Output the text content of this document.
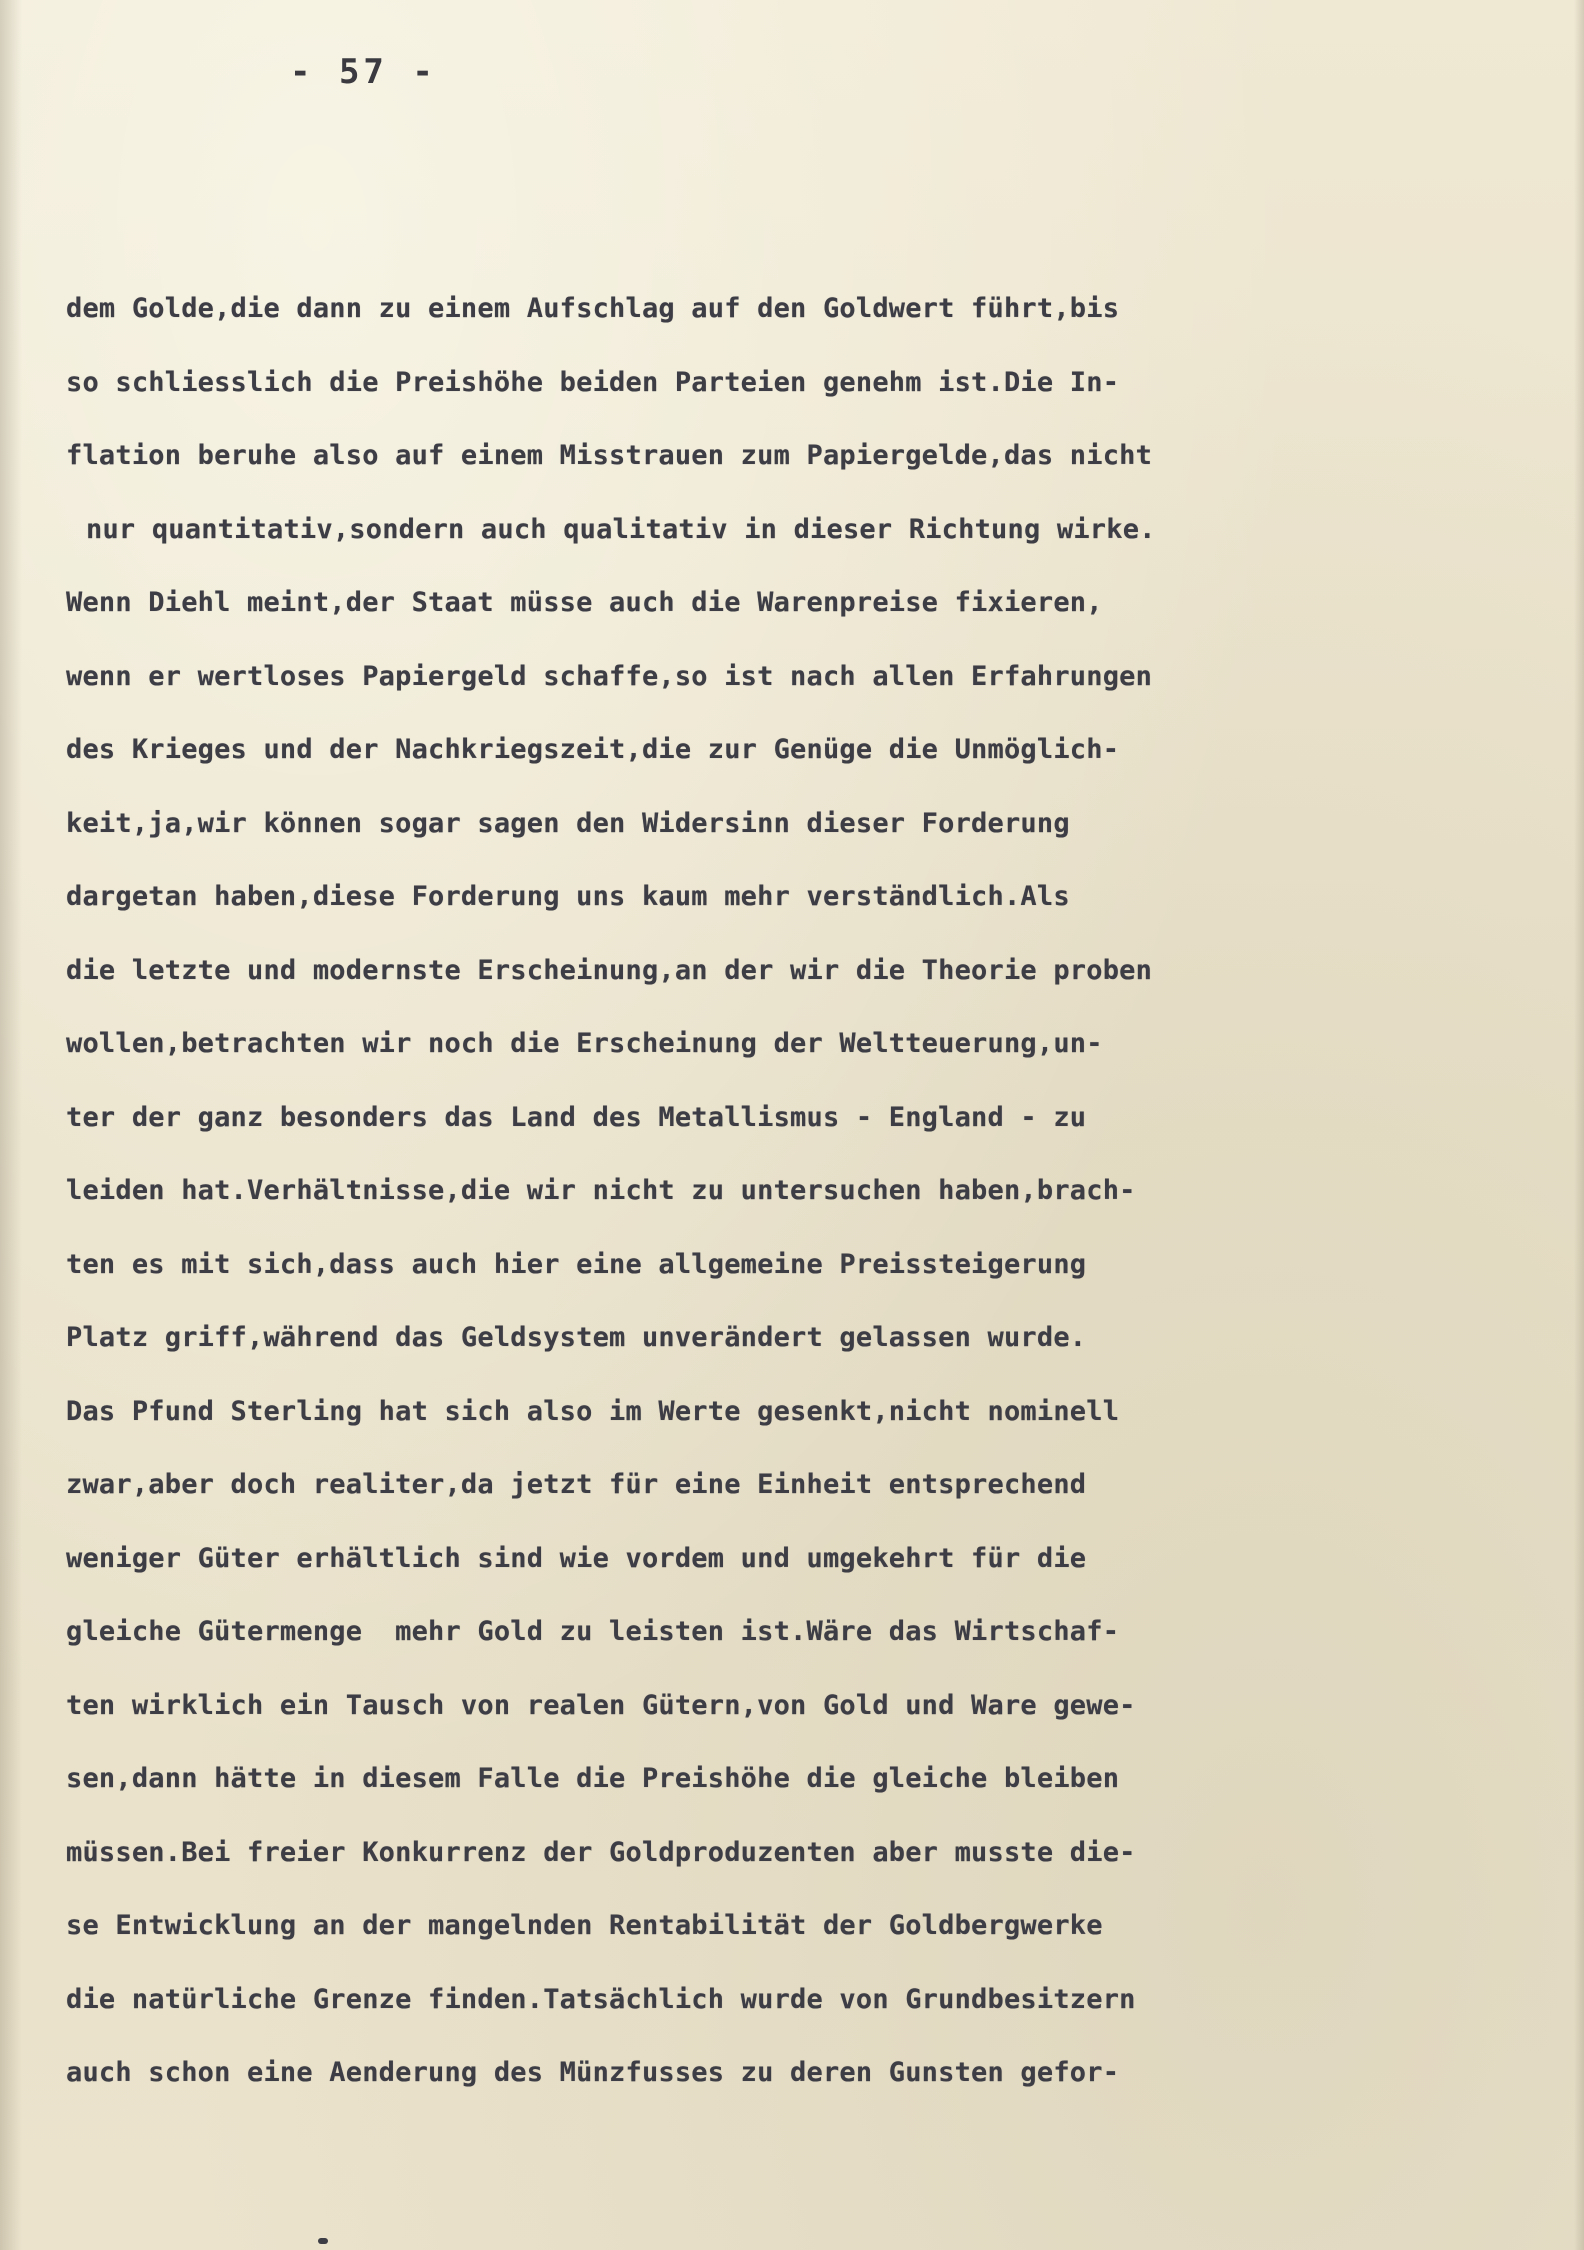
- 57 -
dem Golde,die dann zu einem Aufschlag auf den Goldwert führt,bis
so schliesslich die Preishöhe beiden Parteien genehm ist.Die In-
flation beruhe also auf einem Misstrauen zum Papiergelde,das nicht
nur quantitativ,sondern auch qualitativ in dieser Richtung wirke.
Wenn Diehl meint,der Staat müsse auch die Warenpreise fixieren,
wenn er wertloses Papiergeld schaffe,so ist nach allen Erfahrungen
des Krieges und der Nachkriegszeit,die zur Genüge die Unmöglich-
keit,ja,wir können sogar sagen den Widersinn dieser Forderung
dargetan haben,diese Forderung uns kaum mehr verständlich.Als
die letzte und modernste Erscheinung,an der wir die Theorie proben
wollen,betrachten wir noch die Erscheinung der Weltteuerung,un-
ter der ganz besonders das Land des Metallismus - England - zu
leiden hat.Verhältnisse,die wir nicht zu untersuchen haben,brach-
ten es mit sich,dass auch hier eine allgemeine Preissteigerung
Platz griff,während das Geldsystem unverändert gelassen wurde.
Das Pfund Sterling hat sich also im Werte gesenkt,nicht nominell
zwar,aber doch realiter,da jetzt für eine Einheit entsprechend
weniger Güter erhältlich sind wie vordem und umgekehrt für die
gleiche Gütermenge  mehr Gold zu leisten ist.Wäre das Wirtschaf-
ten wirklich ein Tausch von realen Gütern,von Gold und Ware gewe-
sen,dann hätte in diesem Falle die Preishöhe die gleiche bleiben
müssen.Bei freier Konkurrenz der Goldproduzenten aber musste die-
se Entwicklung an der mangelnden Rentabilität der Goldbergwerke
die natürliche Grenze finden.Tatsächlich wurde von Grundbesitzern
auch schon eine Aenderung des Münzfusses zu deren Gunsten gefor-
